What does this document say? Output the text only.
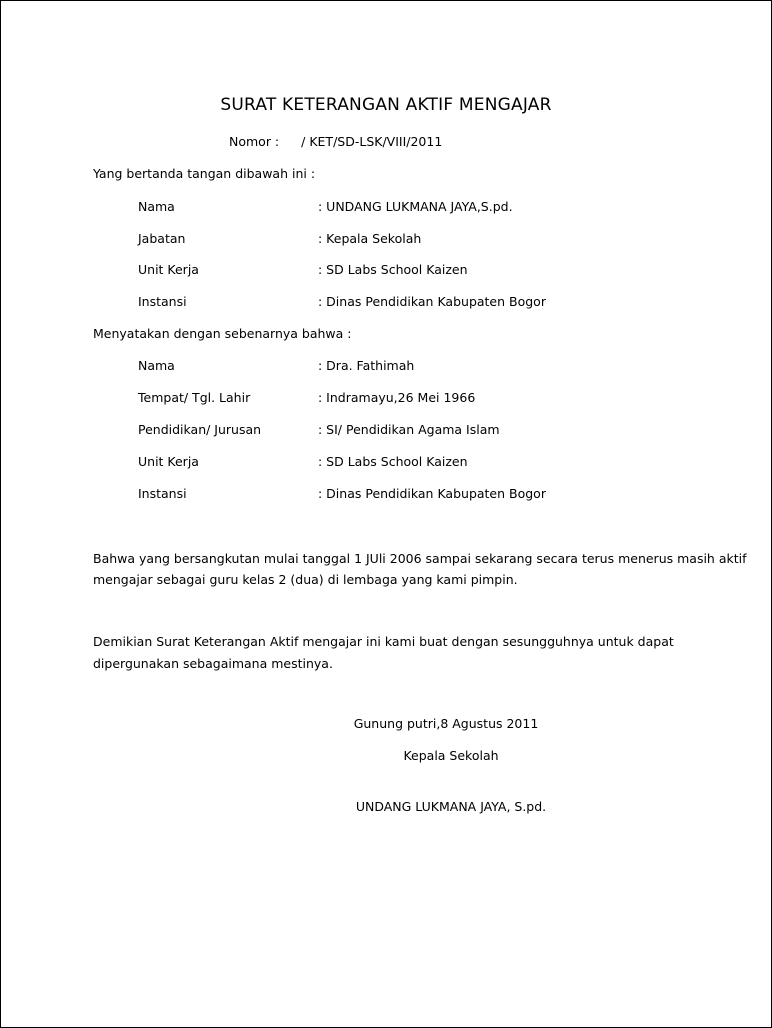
SURAT KETERANGAN AKTIF MENGAJAR
Nomor : / KET/SD-LSK/VIII/2011
Yang bertanda tangan dibawah ini :
Nama	: UNDANG LUKMANA JAYA,S.pd.
Jabatan	: Kepala Sekolah
Unit Kerja	: SD Labs School Kaizen
Instansi	: Dinas Pendidikan Kabupaten Bogor
Menyatakan dengan sebenarnya bahwa :
Nama	: Dra. Fathimah
Tempat/ Tgl. Lahir	: Indramayu,26 Mei 1966
Pendidikan/ Jurusan	: SI/ Pendidikan Agama Islam
Unit Kerja	: SD Labs School Kaizen
Instansi	: Dinas Pendidikan Kabupaten Bogor
Bahwa yang bersangkutan mulai tanggal 1 JUli 2006 sampai sekarang secara terus menerus masih aktif
mengajar sebagai guru kelas 2 (dua) di lembaga yang kami pimpin.
Demikian Surat Keterangan Aktif mengajar ini kami buat dengan sesungguhnya untuk dapat
dipergunakan sebagaimana mestinya.
Gunung putri,8 Agustus 2011
Kepala Sekolah
UNDANG LUKMANA JAYA, S.pd.
